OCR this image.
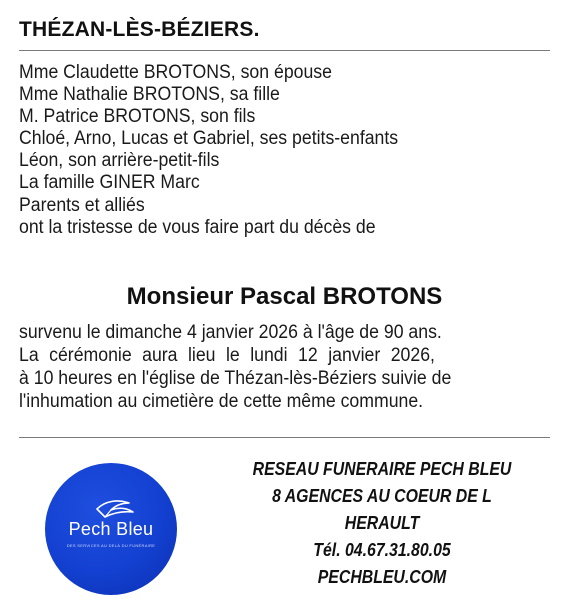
THÉZAN-LÈS-BÉZIERS.
Mme Claudette BROTONS, son épouse
Mme Nathalie BROTONS, sa fille
M. Patrice BROTONS, son fils
Chloé, Arno, Lucas et Gabriel, ses petits-enfants
Léon, son arrière-petit-fils
La famille GINER Marc
Parents et alliés
ont la tristesse de vous faire part du décès de
Monsieur Pascal BROTONS

survenu le dimanche 4 janvier 2026 à l'âge de 90 ans.

La cérémonie aura lieu le lundi 12 janvier 2026,

à 10 heures en l'église de Thézan-lès-Béziers suivie de

l'inhumation au cimetière de cette même commune.

Pech Bleu
DES SERVICES AU DELÀ DU FUNÉRAIRE
RESEAU FUNERAIRE PECH BLEU
8 AGENCES AU COEUR DE L
HERAULT
Tél. 04.67.31.80.05
PECHBLEU.COM
